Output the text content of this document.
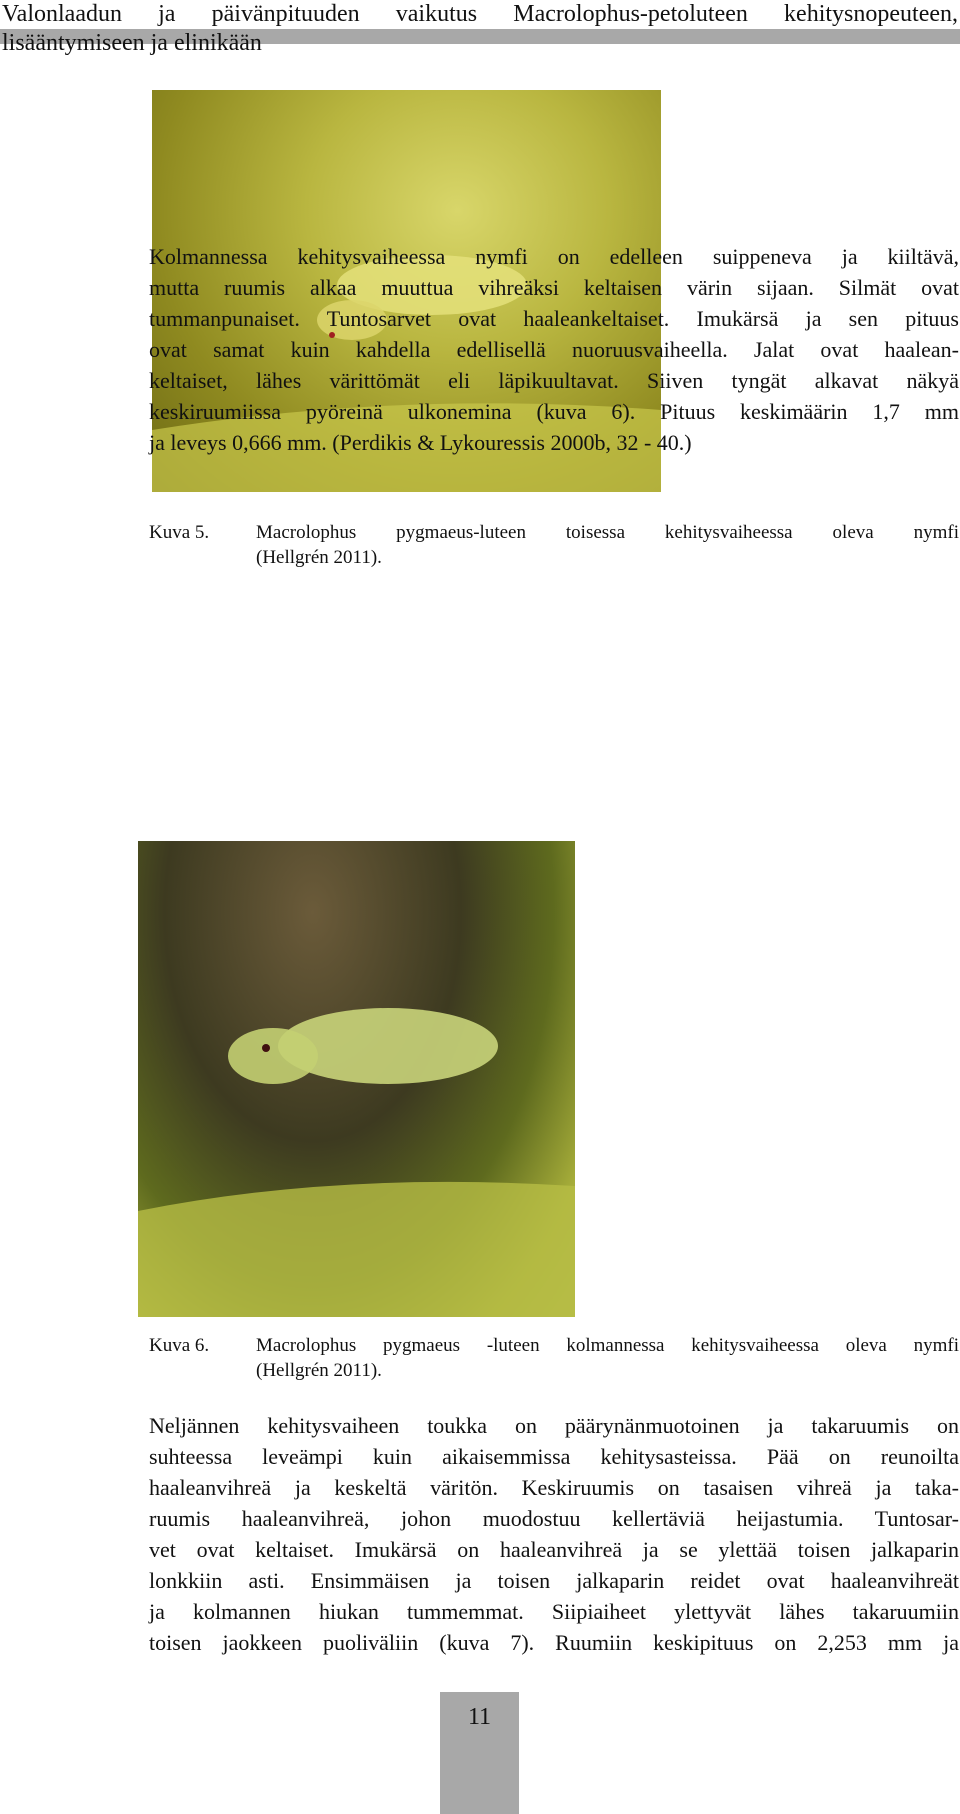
Valonlaadun ja päivänpituuden vaikutus Macrolophus-petoluteen kehitysnopeuteen,
lisääntymiseen ja elinikään
Kuva 5. Macrolophus pygmaeus-luteen toisessa kehitysvaiheessa oleva nymfi
(Hellgrén 2011).
Kolmannessa kehitysvaiheessa nymfi on edelleen suippeneva ja kiiltävä,
mutta ruumis alkaa muuttua vihreäksi keltaisen värin sijaan. Silmät ovat
tummanpunaiset. Tuntosarvet ovat haaleankeltaiset. Imukärsä ja sen pituus
ovat samat kuin kahdella edellisellä nuoruusvaiheella. Jalat ovat haalean-
keltaiset, lähes värittömät eli läpikuultavat. Siiven tyngät alkavat näkyä
keskiruumiissa pyöreinä ulkonemina (kuva 6). Pituus keskimäärin 1,7 mm
ja leveys 0,666 mm. (Perdikis & Lykouressis 2000b, 32 - 40.)
Kuva 6. Macrolophus pygmaeus -luteen kolmannessa kehitysvaiheessa oleva nymfi
(Hellgrén 2011).
Neljännen kehitysvaiheen toukka on päärynänmuotoinen ja takaruumis on
suhteessa leveämpi kuin aikaisemmissa kehitysasteissa. Pää on reunoilta
haaleanvihreä ja keskeltä väritön. Keskiruumis on tasaisen vihreä ja taka-
ruumis haaleanvihreä, johon muodostuu kellertäviä heijastumia. Tuntosar-
vet ovat keltaiset. Imukärsä on haaleanvihreä ja se ylettää toisen jalkaparin
lonkkiin asti. Ensimmäisen ja toisen jalkaparin reidet ovat haaleanvihreät
ja kolmannen hiukan tummemmat. Siipiaiheet ylettyvät lähes takaruumiin
toisen jaokkeen puoliväliin (kuva 7). Ruumiin keskipituus on 2,253 mm ja
11
